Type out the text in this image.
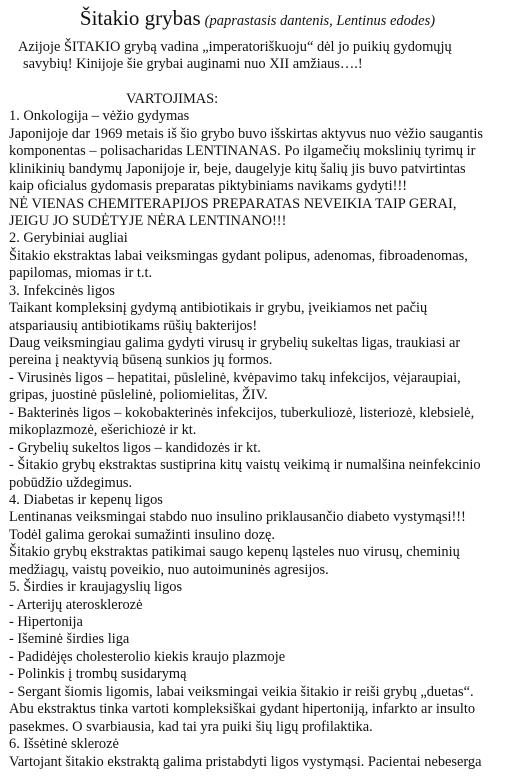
Šitakio grybas (paprastasis dantenis, Lentinus edodes)
Azijoje ŠITAKIO grybą vadina „imperatoriškuoju“ dėl jo puikių gydomųjų
savybių! Kinijoje šie grybai auginami nuo XII amžiaus….!
VARTOJIMAS:
1. Onkologija – vėžio gydymas
Japonijoje dar 1969 metais iš šio grybo buvo išskirtas aktyvus nuo vėžio saugantis
komponentas – polisacharidas LENTINANAS. Po ilgamečių mokslinių tyrimų ir
klinikinių bandymų Japonijoje ir, beje, daugelyje kitų šalių jis buvo patvirtintas
kaip oficialus gydomasis preparatas piktybiniams navikams gydyti!!!
NĖ VIENAS CHEMITERAPIJOS PREPARATAS NEVEIKIA TAIP GERAI,
JEIGU JO SUDĖTYJE NĖRA LENTINANO!!!
2. Gerybiniai augliai
Šitakio ekstraktas labai veiksmingas gydant polipus, adenomas, fibroadenomas,
papilomas, miomas ir t.t.
3. Infekcinės ligos
Taikant kompleksinį gydymą antibiotikais ir grybu, įveikiamos net pačių
atspariausių antibiotikams rūšių bakterijos!
Daug veiksmingiau galima gydyti virusų ir grybelių sukeltas ligas, traukiasi ar
pereina į neaktyvią būseną sunkios jų formos.
- Virusinės ligos – hepatitai, pūslelinė, kvėpavimo takų infekcijos, vėjaraupiai,
gripas, juostinė pūslelinė, poliomielitas, ŽIV.
- Bakterinės ligos – kokobakterinės infekcijos, tuberkuliozė, listeriozė, klebsielė,
mikoplazmozė, ešerichiozė ir kt.
- Grybelių sukeltos ligos – kandidozės ir kt.
- Šitakio grybų ekstraktas sustiprina kitų vaistų veikimą ir numalšina neinfekcinio
pobūdžio uždegimus.
4. Diabetas ir kepenų ligos
Lentinanas veiksmingai stabdo nuo insulino priklausančio diabeto vystymąsi!!!
Todėl galima gerokai sumažinti insulino dozę.
Šitakio grybų ekstraktas patikimai saugo kepenų ląsteles nuo virusų, cheminių
medžiagų, vaistų poveikio, nuo autoimuninės agresijos.
5. Širdies ir kraujagyslių ligos
- Arterijų aterosklerozė
- Hipertonija
- Išeminė širdies liga
- Padidėjęs cholesterolio kiekis kraujo plazmoje
- Polinkis į trombų susidarymą
- Sergant šiomis ligomis, labai veiksmingai veikia šitakio ir reiši grybų „duetas“.
Abu ekstraktus tinka vartoti kompleksiškai gydant hipertoniją, infarkto ar insulto
pasekmes. O svarbiausia, kad tai yra puiki šių ligų profilaktika.
6. Išsėtinė sklerozė
Vartojant šitakio ekstraktą galima pristabdyti ligos vystymąsi. Pacientai nebeserga
